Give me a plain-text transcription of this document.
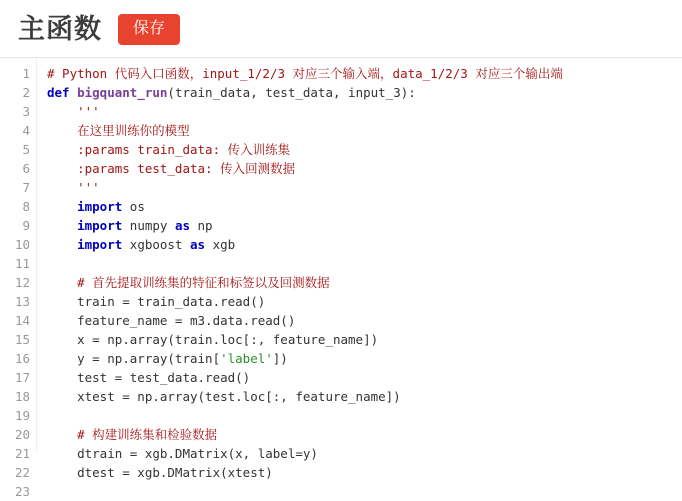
主函数	保存
1
2
3
4
5
6
7
8
9
10
11
12
13
14
15
16
17
18
19
20
21
22
23
# Python 代码入口函数，input_1/2/3 对应三个输入端，data_1/2/3 对应三个输出端
def bigquant_run(train_data, test_data, input_3):
'''
在这里训练你的模型
:params train_data: 传入训练集
:params test_data: 传入回测数据
'''
import os
import numpy as np
import xgboost as xgb
# 首先提取训练集的特征和标签以及回测数据
train = train_data.read()
feature_name = m3.data.read()
x = np.array(train.loc[:, feature_name])
y = np.array(train['label'])
test = test_data.read()
xtest = np.array(test.loc[:, feature_name])
# 构建训练集和检验数据
dtrain = xgb.DMatrix(x, label=y)
dtest = xgb.DMatrix(xtest)
